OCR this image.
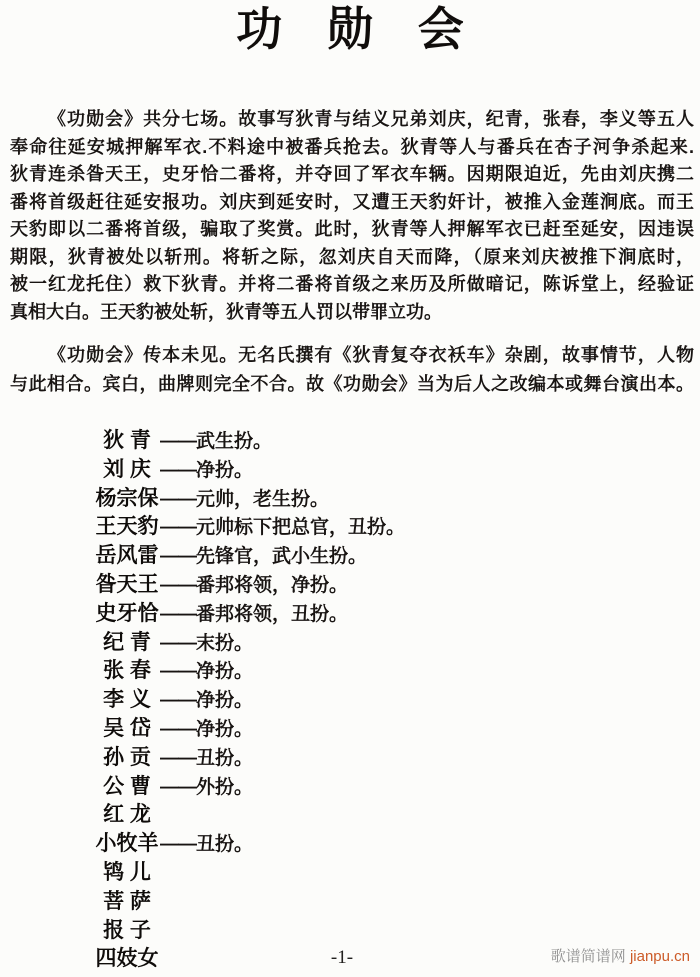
功 勋 会
《功勋会》共分七场。故事写狄青与结义兄弟刘庆，纪青，张春，李义等五人
奉命往延安城押解军衣.不料途中被番兵抢去。狄青等人与番兵在杏子河争杀起来.
狄青连杀昝天王，史牙恰二番将，并夺回了军衣车辆。因期限迫近，先由刘庆携二
番将首级赶往延安报功。刘庆到延安时，又遭王天豹奸计，被推入金莲涧底。而王
天豹即以二番将首级，骗取了奖赏。此时，狄青等人押解军衣已赶至延安，因违误
期限，狄青被处以斩刑。将斩之际，忽刘庆自天而降，（原来刘庆被推下涧底时，
被一红龙托住）救下狄青。并将二番将首级之来历及所做暗记，陈诉堂上，经验证
真相大白。王天豹被处斩，狄青等五人罚以带罪立功。
《功勋会》传本未见。无名氏撰有《狄青复夺衣袄车》杂剧，故事情节，人物
与此相合。宾白，曲牌则完全不合。故《功勋会》当为后人之改编本或舞台演出本。
狄 青 ——武生扮。
刘 庆 ——净扮。
杨宗保——元帅，老生扮。
王天豹——元帅标下把总官，丑扮。
岳风雷——先锋官，武小生扮。
昝天王——番邦将领，净扮。
史牙恰——番邦将领，丑扮。
纪 青 ——末扮。
张 春 ——净扮。
李 义 ——净扮。
吴 岱 ——净扮。
孙 贡 ——丑扮。
公 曹 ——外扮。
红 龙
小牧羊——丑扮。
鸨 儿
菩 萨
报 子
四妓女	-1-	歌谱简谱网 jianpu.cn
